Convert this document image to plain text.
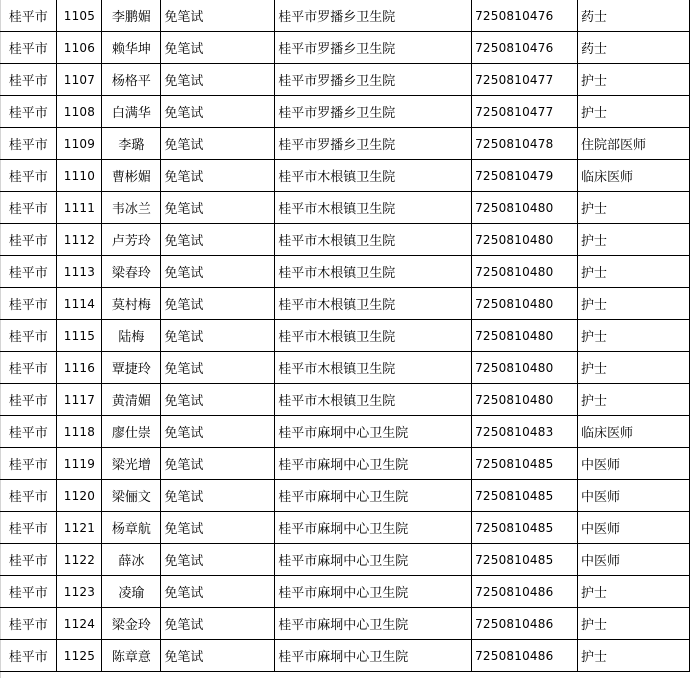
桂平市	1105	李鹏媚	免笔试	桂平市罗播乡卫生院	7250810476	药士
桂平市	1106	赖华坤	免笔试	桂平市罗播乡卫生院	7250810476	药士
桂平市	1107	杨格平	免笔试	桂平市罗播乡卫生院	7250810477	护士
桂平市	1108	白满华	免笔试	桂平市罗播乡卫生院	7250810477	护士
桂平市	1109	李璐	免笔试	桂平市罗播乡卫生院	7250810478	住院部医师
桂平市	1110	曹彬媚	免笔试	桂平市木根镇卫生院	7250810479	临床医师
桂平市	1111	韦冰兰	免笔试	桂平市木根镇卫生院	7250810480	护士
桂平市	1112	卢芳玲	免笔试	桂平市木根镇卫生院	7250810480	护士
桂平市	1113	梁春玲	免笔试	桂平市木根镇卫生院	7250810480	护士
桂平市	1114	莫村梅	免笔试	桂平市木根镇卫生院	7250810480	护士
桂平市	1115	陆梅	免笔试	桂平市木根镇卫生院	7250810480	护士
桂平市	1116	覃捷玲	免笔试	桂平市木根镇卫生院	7250810480	护士
桂平市	1117	黄清媚	免笔试	桂平市木根镇卫生院	7250810480	护士
桂平市	1118	廖仕崇	免笔试	桂平市麻垌中心卫生院	7250810483	临床医师
桂平市	1119	梁光增	免笔试	桂平市麻垌中心卫生院	7250810485	中医师
桂平市	1120	梁俪文	免笔试	桂平市麻垌中心卫生院	7250810485	中医师
桂平市	1121	杨章航	免笔试	桂平市麻垌中心卫生院	7250810485	中医师
桂平市	1122	薛冰	免笔试	桂平市麻垌中心卫生院	7250810485	中医师
桂平市	1123	凌瑜	免笔试	桂平市麻垌中心卫生院	7250810486	护士
桂平市	1124	梁金玲	免笔试	桂平市麻垌中心卫生院	7250810486	护士
桂平市	1125	陈章意	免笔试	桂平市麻垌中心卫生院	7250810486	护士
